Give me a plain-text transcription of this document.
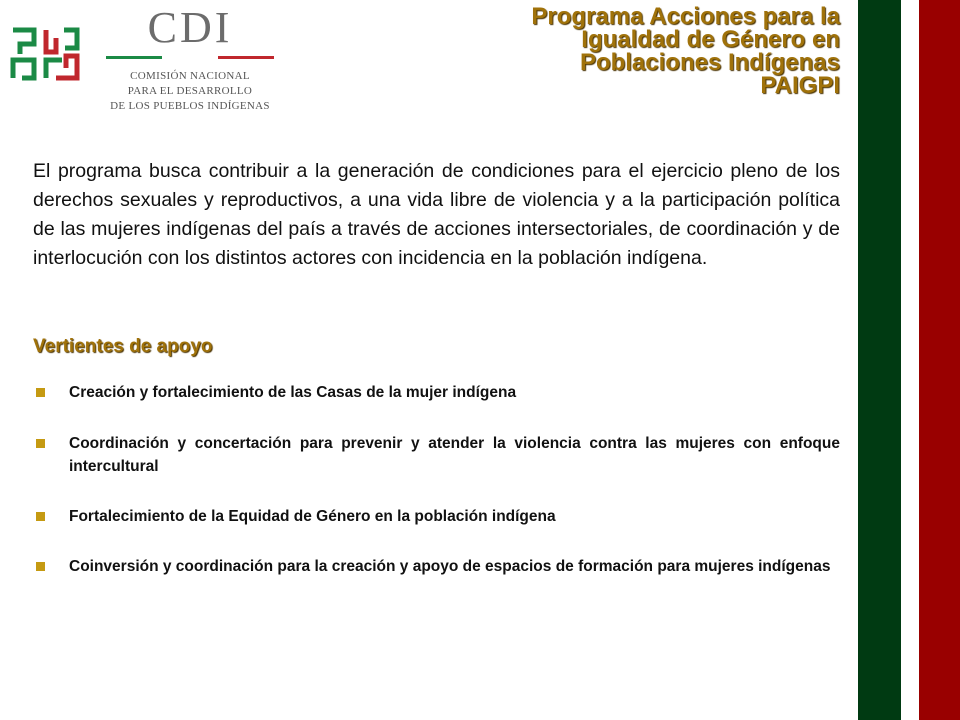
CDI
COMISIÓN NACIONAL
PARA EL DESARROLLO
DE LOS PUEBLOS INDÍGENAS
Programa Acciones para la
Igualdad de Género en
Poblaciones Indígenas
PAIGPI

El programa busca contribuir a la generación de condiciones para el ejercicio pleno de los derechos sexuales y reproductivos, a una vida libre de violencia y a la participación política de las mujeres indígenas del país a través de acciones intersectoriales, de coordinación y de interlocución con los distintos actores con incidencia en la población indígena.

Vertientes de apoyo
Creación y fortalecimiento de las Casas de la mujer indígena
Coordinación y concertación para prevenir y atender la violencia contra las mujeres con enfoque intercultural
Fortalecimiento de la Equidad de Género en la población indígena
Coinversión y coordinación para la creación y apoyo de espacios de formación para mujeres indígenas
